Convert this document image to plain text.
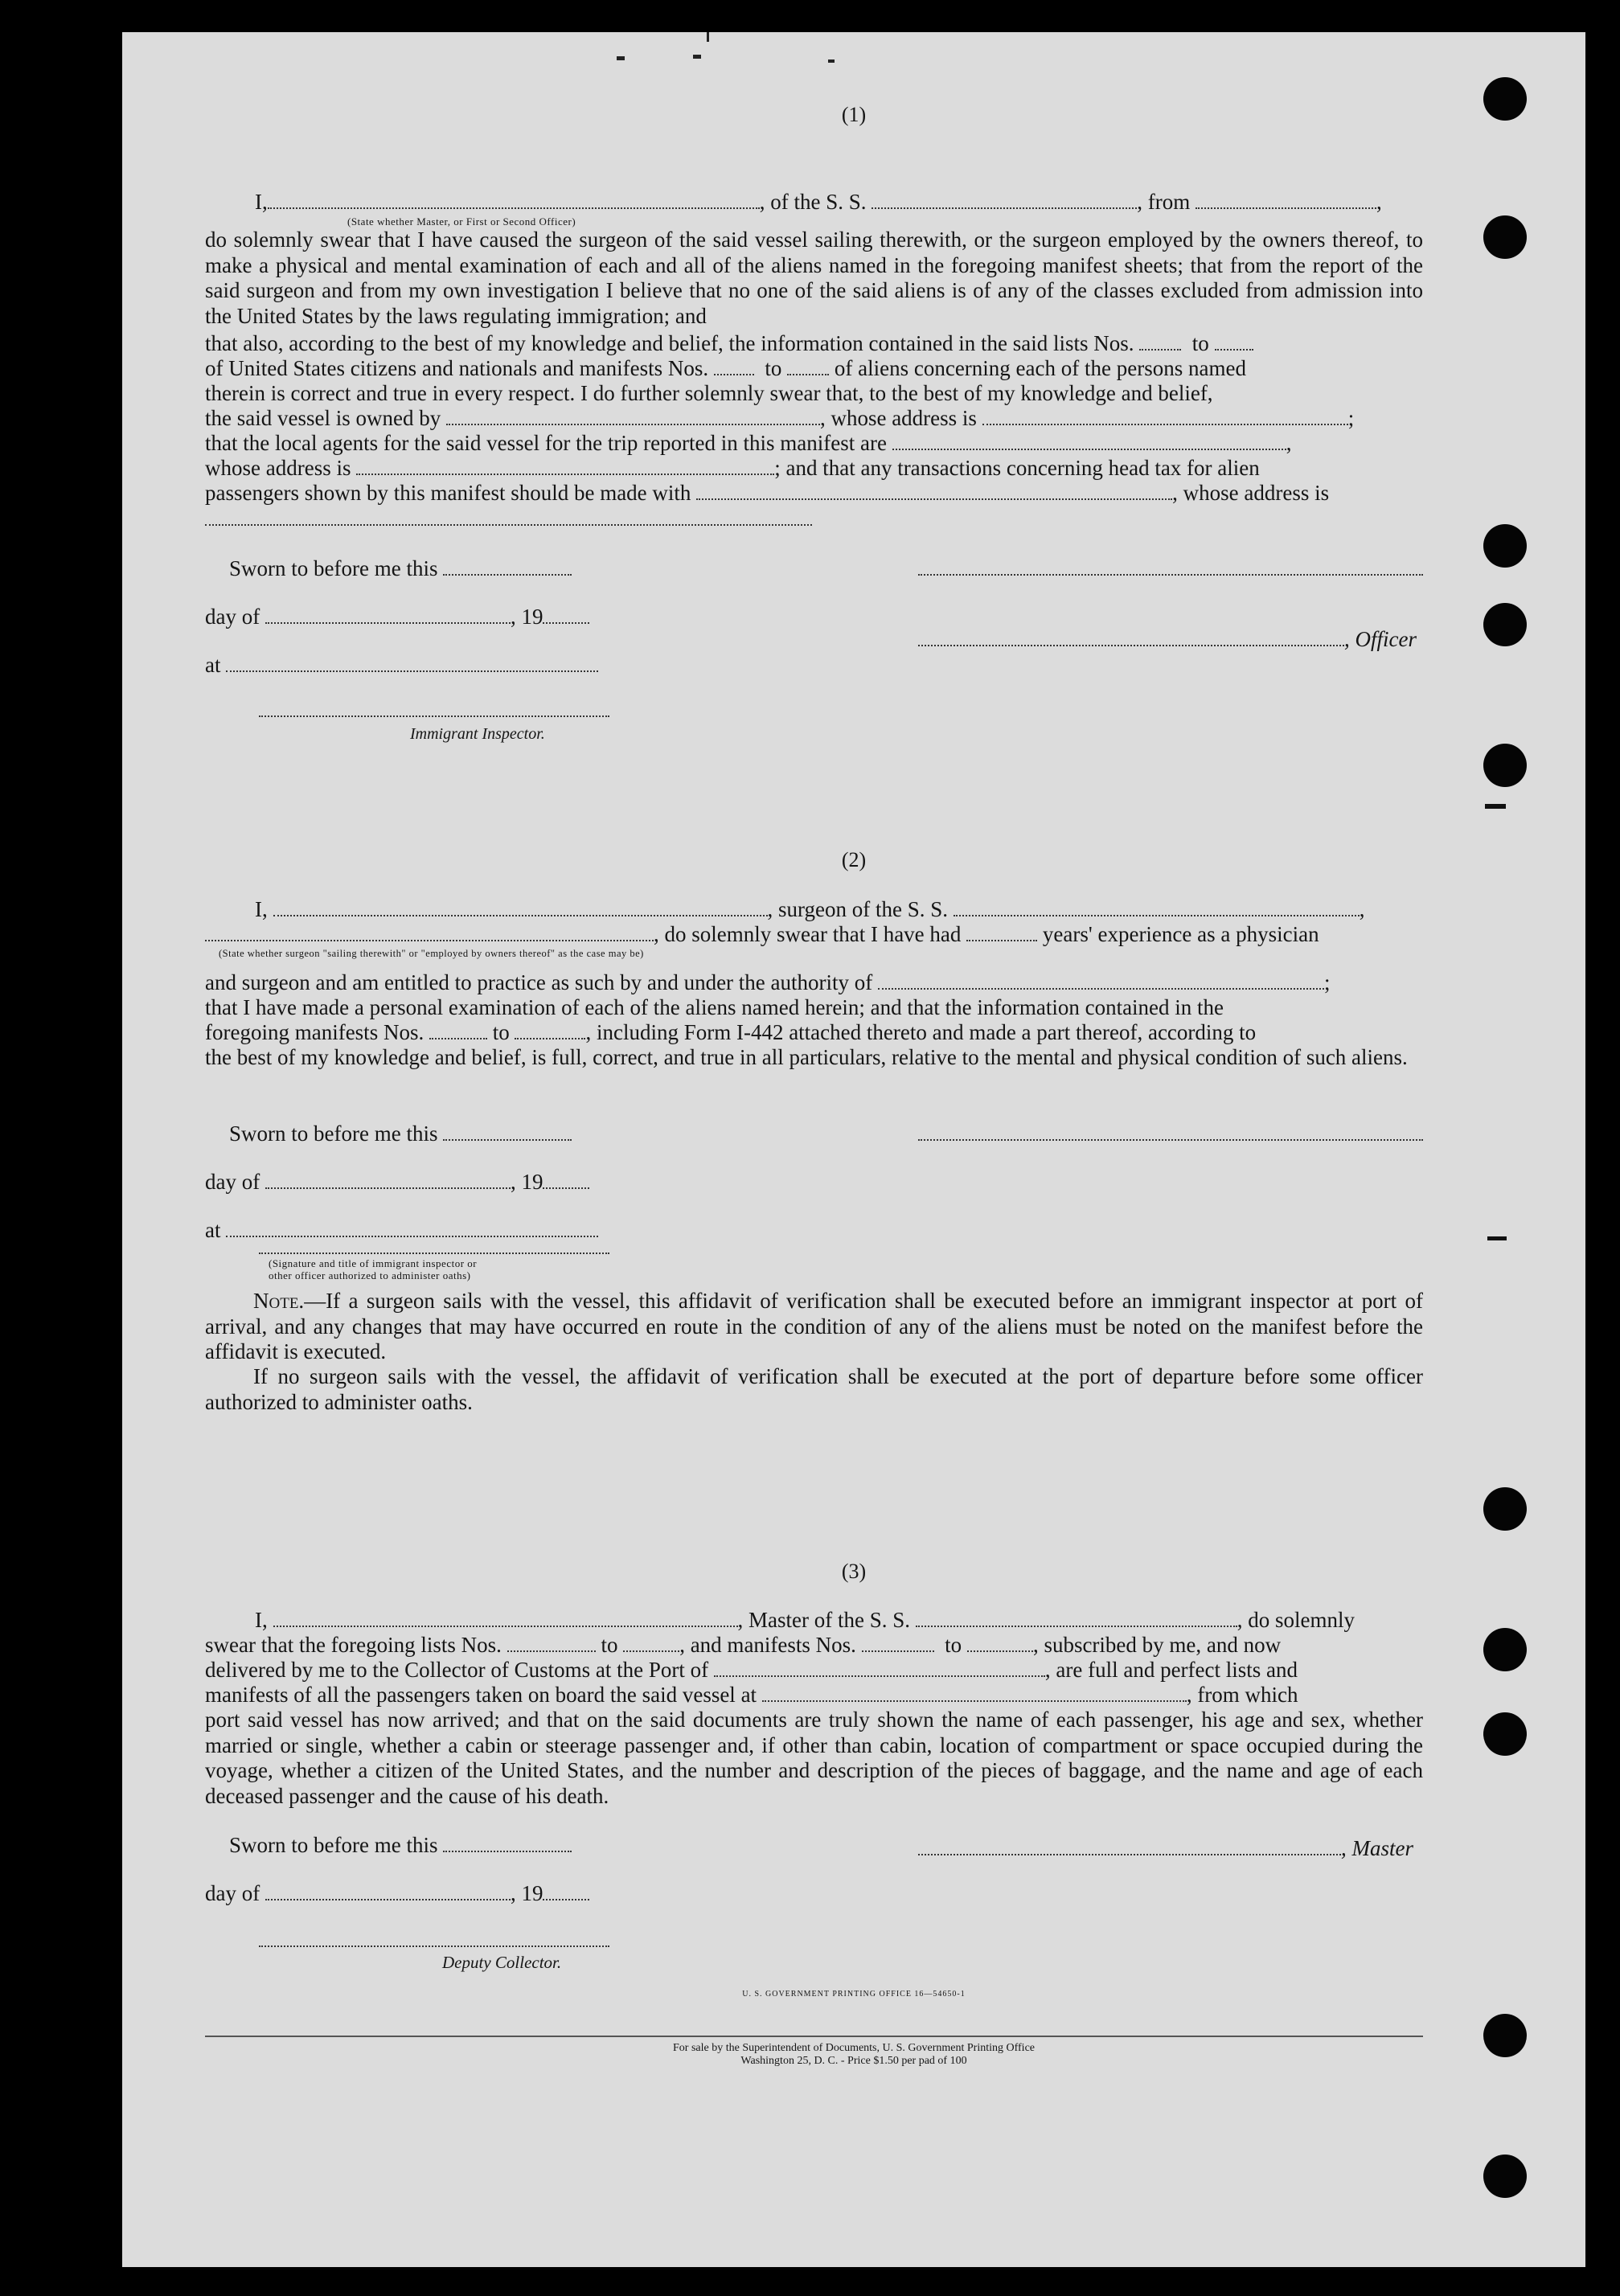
(1)
I,	, of the S. S.	, from	,
(State whether Master, or First or Second Officer)
do solemnly swear that I have caused the surgeon of the said vessel sailing therewith, or the surgeon employed by the owners thereof, to make a physical and mental examination of each and all of the aliens named in the foregoing manifest sheets; that from the report of the said surgeon and from my own investigation I believe that no one of the said aliens is of any of the classes excluded from admission into the United States by the laws regulating immigration; and
that also, according to the best of my knowledge and belief, the information contained in the said lists Nos.	to
of United States citizens and nationals and manifests Nos.	to of aliens concerning each of the persons named
therein is correct and true in every respect. I do further solemnly swear that, to the best of my knowledge and belief,
the said vessel is owned by	, whose address is	;
that the local agents for the said vessel for the trip reported in this manifest are	,
whose address is	; and that any transactions concerning head tax for alien
passengers shown by this manifest should be made with	, whose address is
Sworn to before me this
day of	, 19
, Officer
at
Immigrant Inspector.
(2)
I,	, surgeon of the S. S.	,
, do solemnly swear that I have had	years' experience as a physician
(State whether surgeon "sailing therewith" or "employed by owners thereof" as the case may be)
and surgeon and am entitled to practice as such by and under the authority of	;
that I have made a personal examination of each of the aliens named herein; and that the information contained in the
foregoing manifests Nos.	to	, including Form I-442 attached thereto and made a part thereof, according to
the best of my knowledge and belief, is full, correct, and true in all particulars, relative to the mental and physical condition of such aliens.
Sworn to before me this
day of	, 19
at
(Signature and title of immigrant inspector or
other officer authorized to administer oaths)
Note.—If a surgeon sails with the vessel, this affidavit of verification shall be executed before an immigrant inspector at port of arrival, and any changes that may have occurred en route in the condition of any of the aliens must be noted on the manifest before the affidavit is executed.
If no surgeon sails with the vessel, the affidavit of verification shall be executed at the port of departure before some officer authorized to administer oaths.
(3)
I,	, Master of the S. S.	, do solemnly
swear that the foregoing lists Nos.	to	, and manifests Nos.	to	, subscribed by me, and now
delivered by me to the Collector of Customs at the Port of	, are full and perfect lists and
manifests of all the passengers taken on board the said vessel at	, from which
port said vessel has now arrived; and that on the said documents are truly shown the name of each passenger, his age and sex, whether married or single, whether a cabin or steerage passenger and, if other than cabin, location of compartment or space occupied during the voyage, whether a citizen of the United States, and the number and description of the pieces of baggage, and the name and age of each deceased passenger and the cause of his death.
Sworn to before me this	, Master
day of	, 19
Deputy Collector.
U. S. GOVERNMENT PRINTING OFFICE 16—54650-1
For sale by the Superintendent of Documents, U. S. Government Printing Office
Washington 25, D. C. - Price $1.50 per pad of 100
